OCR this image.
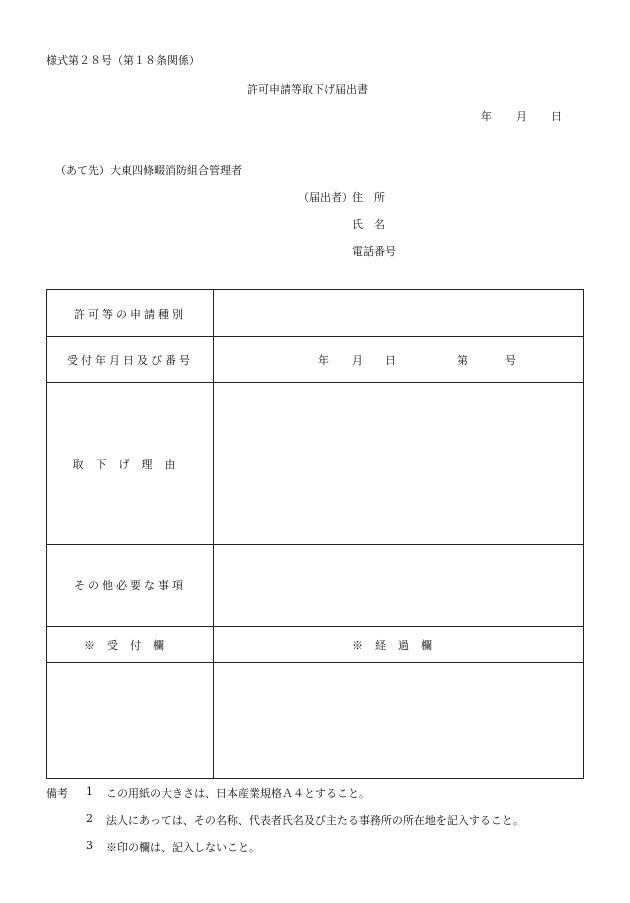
様式第２８号（第１８条関係）
許可申請等取下げ届出書
年 月 日
（あて先）大東四條畷消防組合管理者
（届出者） 住　所
氏　名
電話番号
許可等の申請種別
受付年月日及び番号	年 月 日	第	号
取下げ理由
その他必要な事項
※受付欄	※経過欄
備考 1 この用紙の大きさは、日本産業規格Ａ４とすること。
2 法人にあっては、その名称、代表者氏名及び主たる事務所の所在地を記入すること。
3 ※印の欄は、記入しないこと。
